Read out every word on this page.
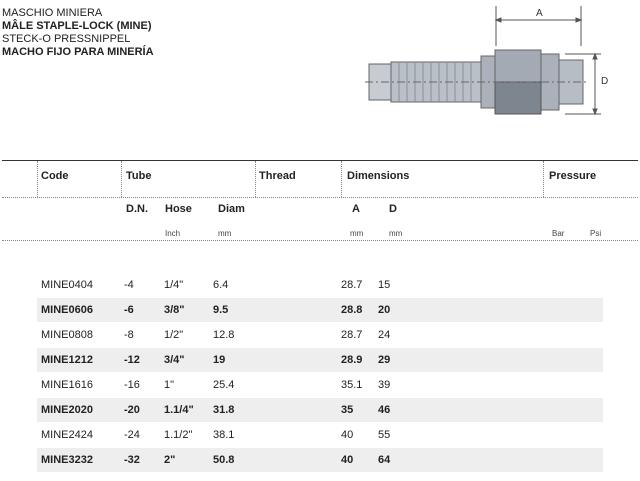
MASCHIO MINIERA
MÂLE STAPLE-LOCK (MINE)
STECK-O PRESSNIPPEL
MACHO FIJO PARA MINERÍA
A
D
Code	Tube	Thread	Dimensions	Pressure
D.N. Hose Diam	A	D
Inch	mm	mm	mm	Bar	Psi
MINE0404	-4	1/4"	6.4	28.7 15
MINE0606	-6	3/8"	9.5	28.8 20
MINE0808	-8	1/2"	12.8	28.7 24
MINE1212	-12 3/4"	19	28.9 29
MINE1616	-16 1"	25.4	35.1 39
MINE2020	-20 1.1/4" 31.8	35 46
MINE2424	-24 1.1/2" 38.1	40 55
MINE3232	-32 2"	50.8	40 64
